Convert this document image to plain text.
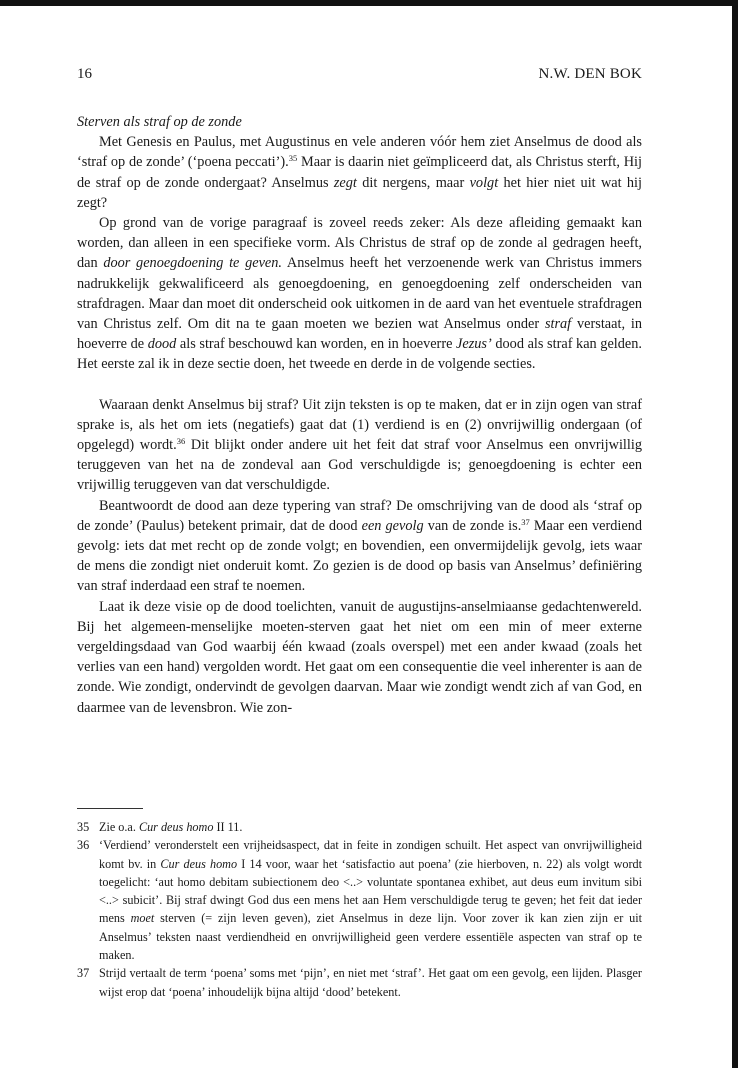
16	N.W. DEN BOK

Sterven als straf op de zonde

Met Genesis en Paulus, met Augustinus en vele anderen vóór hem ziet Anselmus de dood als ‘straf op de zonde’ (‘poena peccati’).$^{35}$ Maar is daarin niet geïmpliceerd dat, als Christus sterft, Hij de straf op de zonde ondergaat? Anselmus zegt dit nergens, maar volgt het hier niet uit wat hij zegt?

Op grond van de vorige paragraaf is zoveel reeds zeker: Als deze afleiding gemaakt kan worden, dan alleen in een specifieke vorm. Als Christus de straf op de zonde al gedragen heeft, dan door genoegdoening te geven. Anselmus heeft het verzoenende werk van Christus immers nadrukkelijk gekwalificeerd als genoegdoening, en genoegdoening zelf onderscheiden van strafdragen. Maar dan moet dit onderscheid ook uitkomen in de aard van het eventuele strafdragen van Christus zelf. Om dit na te gaan moeten we bezien wat Anselmus onder straf verstaat, in hoeverre de dood als straf beschouwd kan worden, en in hoeverre Jezus’ dood als straf kan gelden. Het eerste zal ik in deze sectie doen, het tweede en derde in de volgende secties.

Waaraan denkt Anselmus bij straf? Uit zijn teksten is op te maken, dat er in zijn ogen van straf sprake is, als het om iets (negatiefs) gaat dat (1) verdiend is en (2) onvrijwillig ondergaan (of opgelegd) wordt.$^{36}$ Dit blijkt onder andere uit het feit dat straf voor Anselmus een onvrijwillig teruggeven van het na de zondeval aan God verschuldigde is; genoegdoening is echter een vrijwillig teruggeven van dat verschuldigde.

Beantwoordt de dood aan deze typering van straf? De omschrijving van de dood als ‘straf op de zonde’ (Paulus) betekent primair, dat de dood een gevolg van de zonde is.$^{37}$ Maar een verdiend gevolg: iets dat met recht op de zonde volgt; en bovendien, een onvermijdelijk gevolg, iets waar de mens die zondigt niet onderuit komt. Zo gezien is de dood op basis van Anselmus’ definiëring van straf inderdaad een straf te noemen.

Laat ik deze visie op de dood toelichten, vanuit de augustijns-anselmiaanse gedachtenwereld. Bij het algemeen-menselijke moeten-sterven gaat het niet om een min of meer externe vergeldingsdaad van God waarbij één kwaad (zoals overspel) met een ander kwaad (zoals het verlies van een hand) vergolden wordt. Het gaat om een consequentie die veel inherenter is aan de zonde. Wie zondigt, ondervindt de gevolgen daarvan. Maar wie zondigt wendt zich af van God, en daarmee van de levensbron. Wie zon-

35 Zie o.a. Cur deus homo II 11.
36 ‘Verdiend’ veronderstelt een vrijheidsaspect, dat in feite in zondigen schuilt. Het aspect van onvrijwilligheid komt bv. in Cur deus homo I 14 voor, waar het ‘satisfactio aut poena’ (zie hierboven, n. 22) als volgt wordt toegelicht: ‘aut homo debitam subiectionem deo <..> voluntate spontanea exhibet, aut deus eum invitum sibi <..> subicit’. Bij straf dwingt God dus een mens het aan Hem verschuldigde terug te geven; het feit dat ieder mens moet sterven (= zijn leven geven), ziet Anselmus in deze lijn. Voor zover ik kan zien zijn er uit Anselmus’ teksten naast verdiendheid en onvrijwilligheid geen verdere essentiële aspecten van straf op te maken.
37 Strijd vertaalt de term ‘poena’ soms met ‘pijn’, en niet met ‘straf’. Het gaat om een gevolg, een lijden. Plasger wijst erop dat ‘poena’ inhoudelijk bijna altijd ‘dood’ betekent.
